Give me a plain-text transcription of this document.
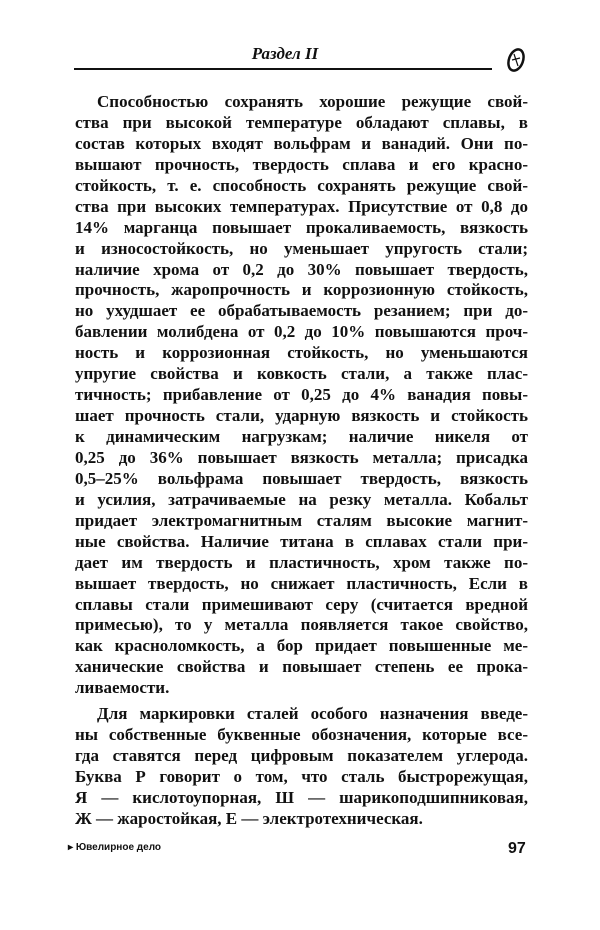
Раздел II
Способностью сохранять хорошие режущие свой-
ства при высокой температуре обладают сплавы, в
состав которых входят вольфрам и ванадий. Они по-
вышают прочность, твердость сплава и его красно-
стойкость, т. е. способность сохранять режущие свой-
ства при высоких температурах. Присутствие от 0,8 до
14% марганца повышает прокаливаемость, вязкость
и износостойкость, но уменьшает упругость стали;
наличие хрома от 0,2 до 30% повышает твердость,
прочность, жаропрочность и коррозионную стойкость,
но ухудшает ее обрабатываемость резанием; при до-
бавлении молибдена от 0,2 до 10% повышаются проч-
ность и коррозионная стойкость, но уменьшаются
упругие свойства и ковкость стали, а также плас-
тичность; прибавление от 0,25 до 4% ванадия повы-
шает прочность стали, ударную вязкость и стойкость
к динамическим нагрузкам; наличие никеля от
0,25 до 36% повышает вязкость металла; присадка
0,5–25% вольфрама повышает твердость, вязкость
и усилия, затрачиваемые на резку металла. Кобальт
придает электромагнитным сталям высокие магнит-
ные свойства. Наличие титана в сплавах стали при-
дает им твердость и пластичность, хром также по-
вышает твердость, но снижает пластичность, Если в
сплавы стали примешивают серу (считается вредной
примесью), то у металла появляется такое свойство,
как красноломкость, а бор придает повышенные ме-
ханические свойства и повышает степень ее прока-
ливаемости.
Для маркировки сталей особого назначения введе-
ны собственные буквенные обозначения, которые все-
гда ставятся перед цифровым показателем углерода.
Буква Р говорит о том, что сталь быстрорежущая,
Я — кислотоупорная, Ш — шарикоподшипниковая,
Ж — жаростойкая, Е — электротехническая.
▸ Ювелирное дело	97
